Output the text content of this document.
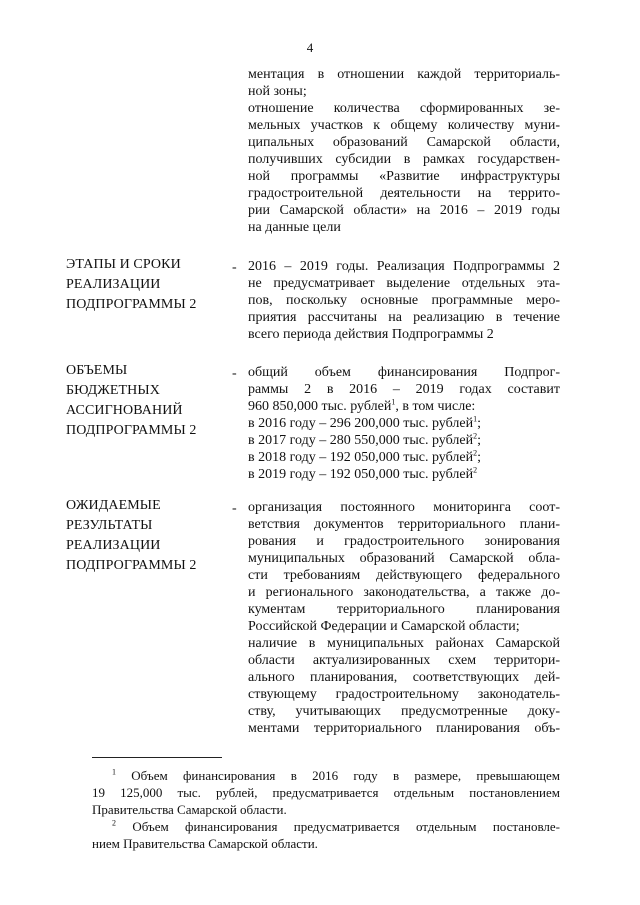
4
ментация в отношении каждой территориаль-
ной зоны;
отношение количества сформированных зе-
мельных участков к общему количеству муни-
ципальных образований Самарской области,
получивших субсидии в рамках государствен-
ной программы «Развитие инфраструктуры
градостроительной деятельности на террито-
рии Самарской области» на 2016 – 2019 годы
на данные цели
ЭТАПЫ И СРОКИ
РЕАЛИЗАЦИИ
ПОДПРОГРАММЫ 2
- 2016 – 2019 годы. Реализация Подпрограммы 2
не предусматривает выделение отдельных эта-
пов, поскольку основные программные меро-
приятия рассчитаны на реализацию в течение
всего периода действия Подпрограммы 2
ОБЪЕМЫ
БЮДЖЕТНЫХ
АССИГНОВАНИЙ
ПОДПРОГРАММЫ 2
- общий объем финансирования Подпрог-
раммы 2 в 2016 – 2019 годах составит
960 850,000 тыс. рублей$^1$, в том числе:
в 2016 году – 296 200,000 тыс. рублей$^1$;
в 2017 году – 280 550,000 тыс. рублей$^2$;
в 2018 году – 192 050,000 тыс. рублей$^2$;
в 2019 году – 192 050,000 тыс. рублей$^2$
ОЖИДАЕМЫЕ
РЕЗУЛЬТАТЫ
РЕАЛИЗАЦИИ
ПОДПРОГРАММЫ 2
- организация постоянного мониторинга соот-
ветствия документов территориального плани-
рования и градостроительного зонирования
муниципальных образований Самарской обла-
сти требованиям действующего федерального
и регионального законодательства, а также до-
кументам территориального планирования
Российской Федерации и Самарской области;
наличие в муниципальных районах Самарской
области актуализированных схем территори-
ального планирования, соответствующих дей-
ствующему градостроительному законодатель-
ству, учитывающих предусмотренные доку-
ментами территориального планирования объ-
$^1$ Объем финансирования в 2016 году в размере, превышающем
19 125,000 тыс. рублей, предусматривается отдельным постановлением
Правительства Самарской области.
$^2$ Объем финансирования предусматривается отдельным постановле-
нием Правительства Самарской области.
